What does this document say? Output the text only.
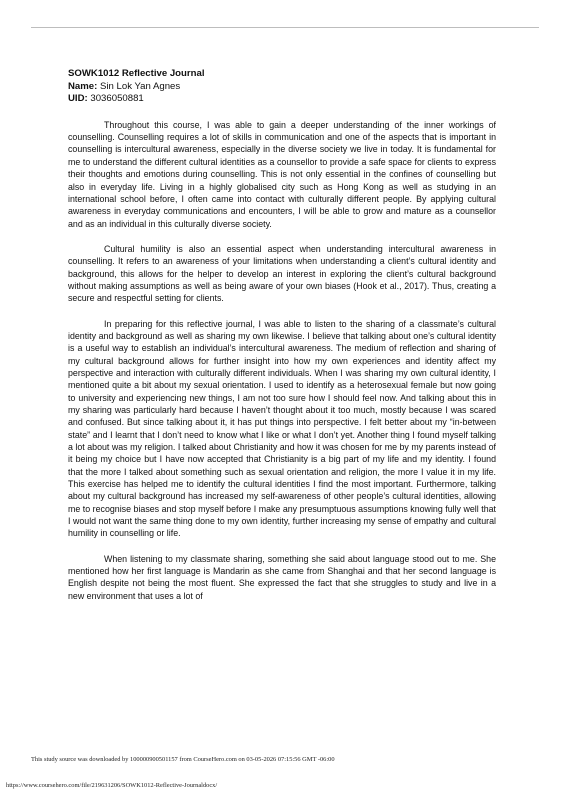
SOWK1012 Reflective Journal
Name: Sin Lok Yan Agnes
UID: 3036050881

Throughout this course, I was able to gain a deeper understanding of the inner workings of counselling. Counselling requires a lot of skills in communication and one of the aspects that is important in counselling is intercultural awareness, especially in the diverse society we live in today. It is fundamental for me to understand the different cultural identities as a counsellor to provide a safe space for clients to express their thoughts and emotions during counselling. This is not only essential in the confines of counselling but also in everyday life. Living in a highly globalised city such as Hong Kong as well as studying in an international school before, I often came into contact with culturally different people. By applying cultural awareness in everyday communications and encounters, I will be able to grow and mature as a counsellor and as an individual in this culturally diverse society.

Cultural humility is also an essential aspect when understanding intercultural awareness in counselling. It refers to an awareness of your limitations when understanding a client’s cultural identity and background, this allows for the helper to develop an interest in exploring the client’s cultural background without making assumptions as well as being aware of your own biases (Hook et al., 2017). Thus, creating a secure and respectful setting for clients.

In preparing for this reflective journal, I was able to listen to the sharing of a classmate’s cultural identity and background as well as sharing my own likewise. I believe that talking about one’s cultural identity is a useful way to establish an individual’s intercultural awareness. The medium of reflection and sharing of my cultural background allows for further insight into how my own experiences and identity affect my perspective and interaction with culturally different individuals. When I was sharing my own cultural identity, I mentioned quite a bit about my sexual orientation. I used to identify as a heterosexual female but now going to university and experiencing new things, I am not too sure how I should feel now. And talking about this in my sharing was particularly hard because I haven’t thought about it too much, mostly because I was scared and confused. But since talking about it, it has put things into perspective. I felt better about my “in-between state” and I learnt that I don’t need to know what I like or what I don’t yet. Another thing I found myself talking a lot about was my religion. I talked about Christianity and how it was chosen for me by my parents instead of it being my choice but I have now accepted that Christianity is a big part of my life and my identity. I found that the more I talked about something such as sexual orientation and religion, the more I value it in my life. This exercise has helped me to identify the cultural identities I find the most important. Furthermore, talking about my cultural background has increased my self-awareness of other people’s cultural identities, allowing me to recognise biases and stop myself before I make any presumptuous assumptions knowing fully well that I would not want the same thing done to my own identity, further increasing my sense of empathy and cultural humility in counselling or life.

When listening to my classmate sharing, something she said about language stood out to me. She mentioned how her first language is Mandarin as she came from Shanghai and that her second language is English despite not being the most fluent. She expressed the fact that she struggles to study and live in a new environment that uses a lot of

This study source was downloaded by 100000900501157 from CourseHero.com on 03-05-2026 07:15:56 GMT -06:00
https://www.coursehero.com/file/219631206/SOWK1012-Reflective-Journaldocx/
